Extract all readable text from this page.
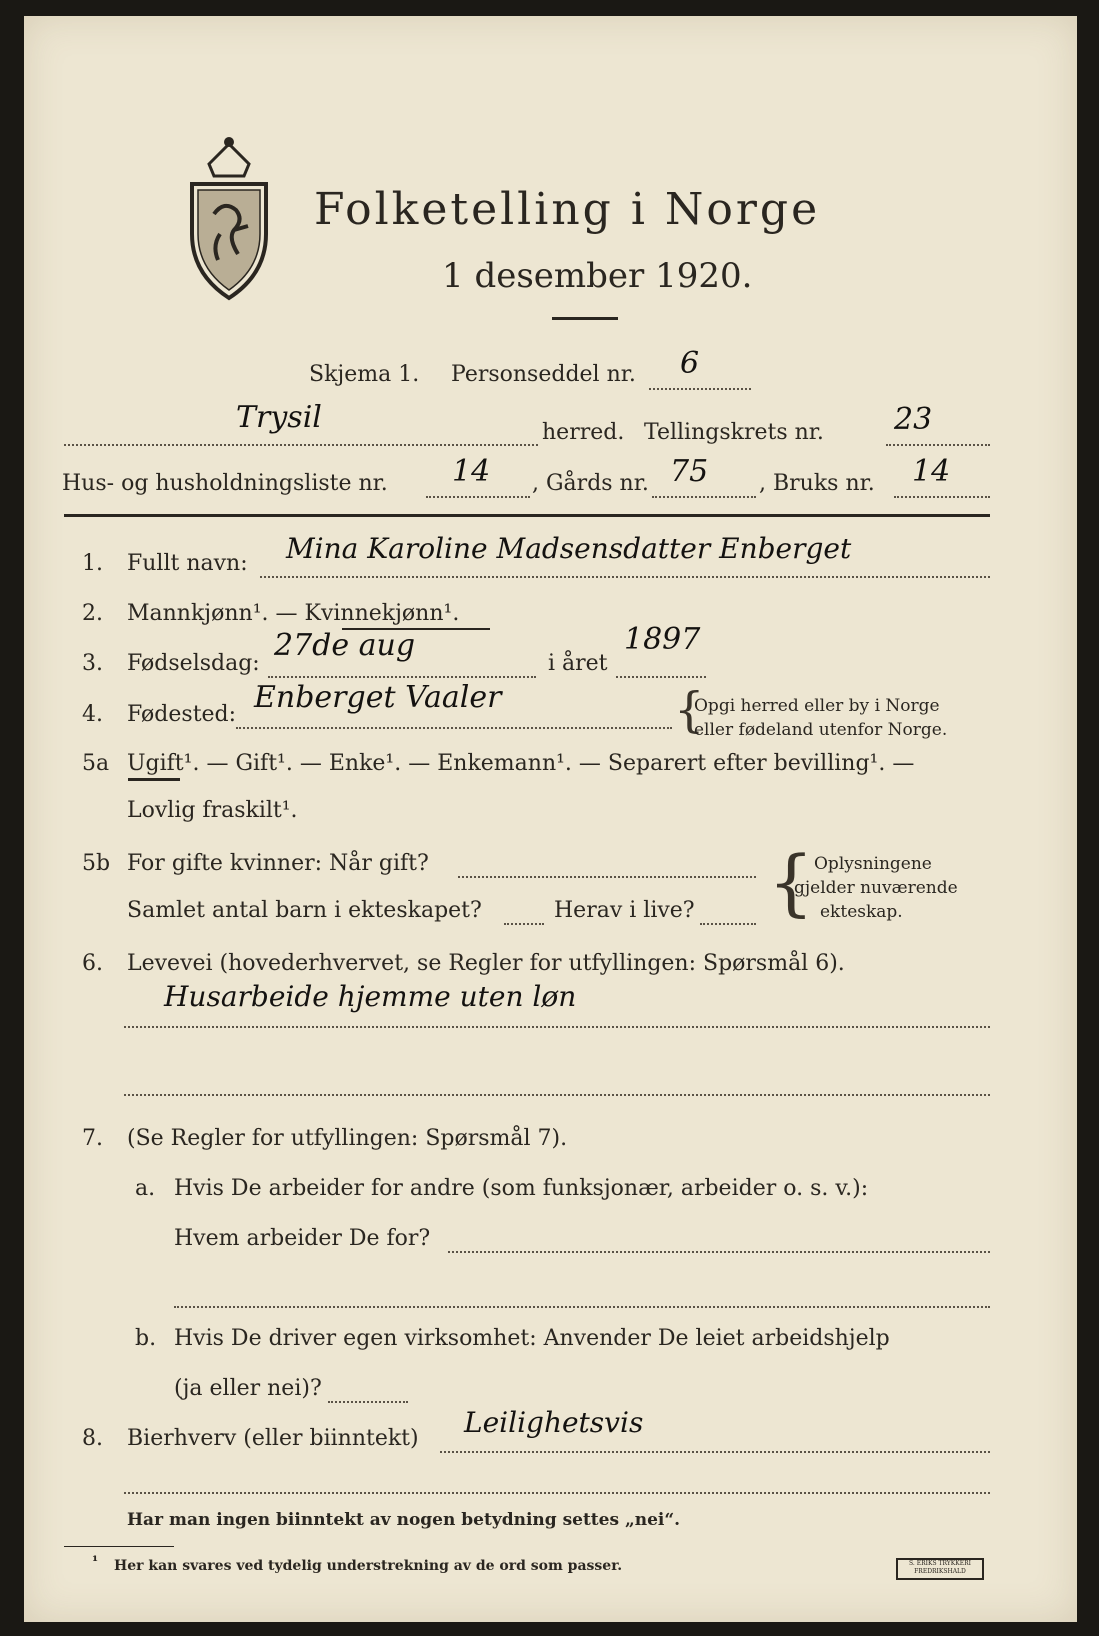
Folketelling i Norge
1 desember 1920.
Skjema 1. Personseddel nr. 6
Trysil	herred. Tellingskrets nr. 23
Hus- og husholdningsliste nr. 14 , Gårds nr. 75 , Bruks nr. 14
1. Fullt navn: Mina Karoline Madsensdatter Enberget
2. Mannkjønn¹. — Kvinnekjønn¹.
3. Fødselsdag:
27de aug
i året
1897
4. Fødested: Enberget Vaaler	{
Opgi herred eller by i Norge
eller fødeland utenfor Norge.
5a Ugift¹. — Gift¹. — Enke¹. — Enkemann¹. — Separert efter bevilling¹. —
Lovlig fraskilt¹.
5b For gifte kvinner: Når gift?
Samlet antal barn i ekteskapet?	Herav i live? { Oplysningene
gjelder nuværende
ekteskap.
6. Levevei (hovederhvervet, se Regler for utfyllingen: Spørsmål 6).
Husarbeide hjemme uten løn
7. (Se Regler for utfyllingen: Spørsmål 7).
a. Hvis De arbeider for andre (som funksjonær, arbeider o. s. v.):
Hvem arbeider De for?
b. Hvis De driver egen virksomhet: Anvender De leiet arbeidshjelp
(ja eller nei)?
8. Bierhverv (eller biinntekt) Leilighetsvis
Har man ingen biinntekt av nogen betydning settes „nei“.
¹ Her kan svares ved tydelig understrekning av de ord som passer.	S. ERIKS TRYKKERI FREDRIKSHALD
